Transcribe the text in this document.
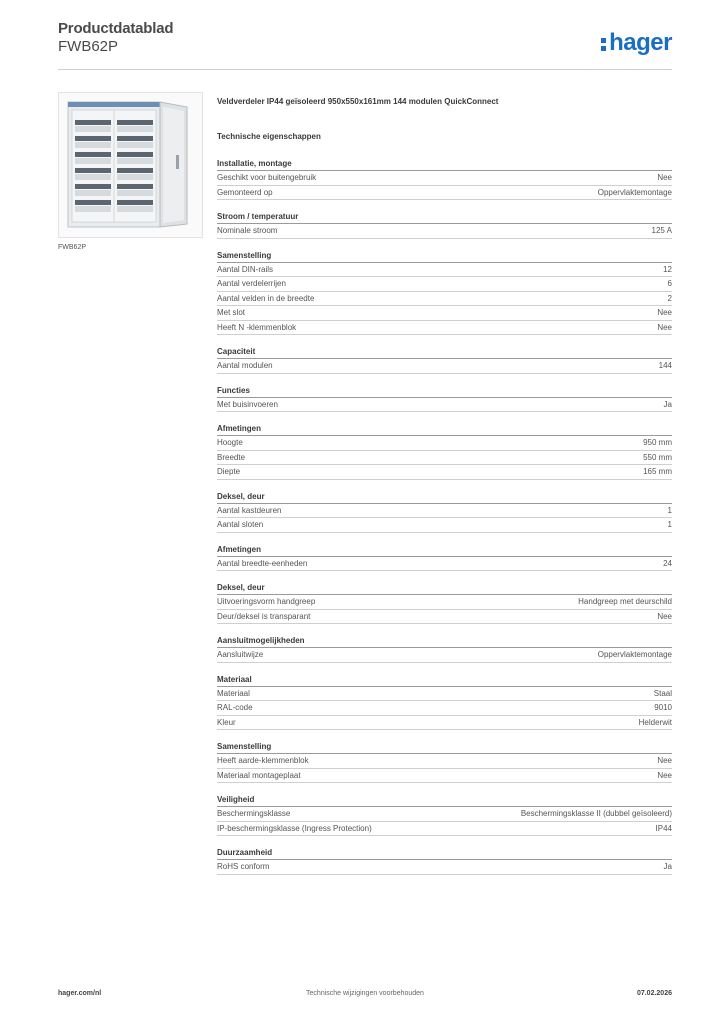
Productdatablad
FWB62P	hager
FWB62P
Veldverdeler IP44 geïsoleerd 950x550x161mm 144 modulen QuickConnect
Technische eigenschappen
Installatie, montage
Geschikt voor buitengebruik	Nee
Gemonteerd op	Oppervlaktemontage
Stroom / temperatuur
Nominale stroom	125 A
Samenstelling
Aantal DIN-rails	12
Aantal verdelerrijen	6
Aantal velden in de breedte	2
Met slot	Nee
Heeft N -klemmenblok	Nee
Capaciteit
Aantal modulen	144
Functies
Met buisinvoeren	Ja
Afmetingen
Hoogte	950 mm
Breedte	550 mm
Diepte	165 mm
Deksel, deur
Aantal kastdeuren	1
Aantal sloten	1
Afmetingen
Aantal breedte-eenheden	24
Deksel, deur
Uitvoeringsvorm handgreep	Handgreep met deurschild
Deur/deksel is transparant	Nee
Aansluitmogelijkheden
Aansluitwijze	Oppervlaktemontage
Materiaal
Materiaal	Staal
RAL-code	9010
Kleur	Helderwit
Samenstelling
Heeft aarde-klemmenblok	Nee
Materiaal montageplaat	Nee
Veiligheid
Beschermingsklasse	Beschermingsklasse II (dubbel geïsoleerd)
IP-beschermingsklasse (Ingress Protection)	IP44
Duurzaamheid
RoHS conform	Ja
hager.com/nl	Technische wijzigingen voorbehouden	07.02.2026
